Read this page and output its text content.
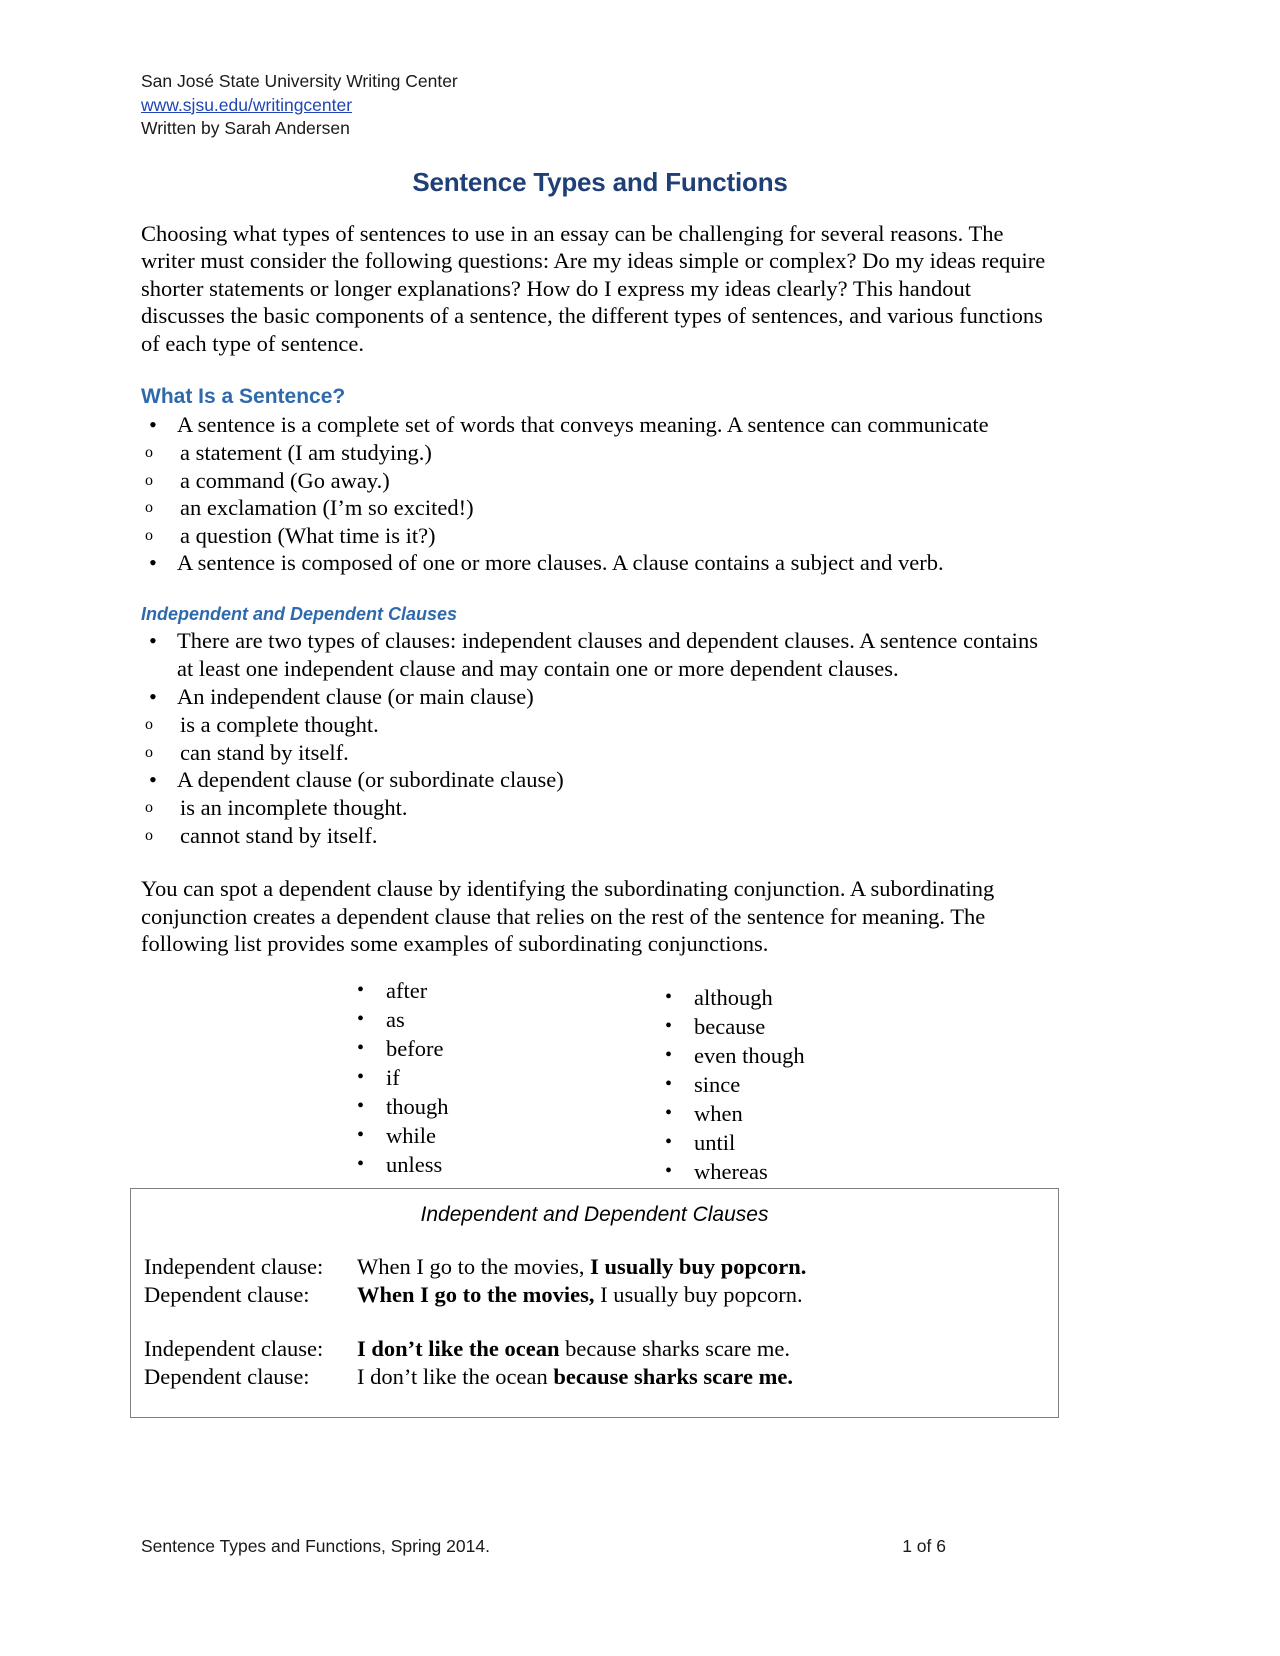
San José State University Writing Center
www.sjsu.edu/writingcenter
Written by Sarah Andersen
Sentence Types and Functions

Choosing what types of sentences to use in an essay can be challenging for several reasons. The writer must consider the following questions: Are my ideas simple or complex? Do my ideas require shorter statements or longer explanations? How do I express my ideas clearly? This handout discusses the basic components of a sentence, the different types of sentences, and various functions of each type of sentence.

What Is a Sentence?
• A sentence is a complete set of words that conveys meaning. A sentence can communicate
o a statement (I am studying.)
o a command (Go away.)
o an exclamation (I’m so excited!)
o a question (What time is it?)
• A sentence is composed of one or more clauses. A clause contains a subject and verb.
Independent and Dependent Clauses
• There are two types of clauses: independent clauses and dependent clauses. A sentence contains at least one independent clause and may contain one or more dependent clauses.
• An independent clause (or main clause)
o is a complete thought.
o can stand by itself.
• A dependent clause (or subordinate clause)
o is an incomplete thought.
o cannot stand by itself.

You can spot a dependent clause by identifying the subordinating conjunction. A subordinating conjunction creates a dependent clause that relies on the rest of the sentence for meaning. The following list provides some examples of subordinating conjunctions.

• after
• as
• before
• if
• though
• while
• unless
• although
• because
• even though
• since
• when
• until
• whereas
Independent and Dependent Clauses
Independent clause:	When I go to the movies, I usually buy popcorn.
Dependent clause:	When I go to the movies, I usually buy popcorn.
Independent clause:	I don’t like the ocean because sharks scare me.
Dependent clause:	I don’t like the ocean because sharks scare me.
Sentence Types and Functions, Spring 2014.	1 of 6
